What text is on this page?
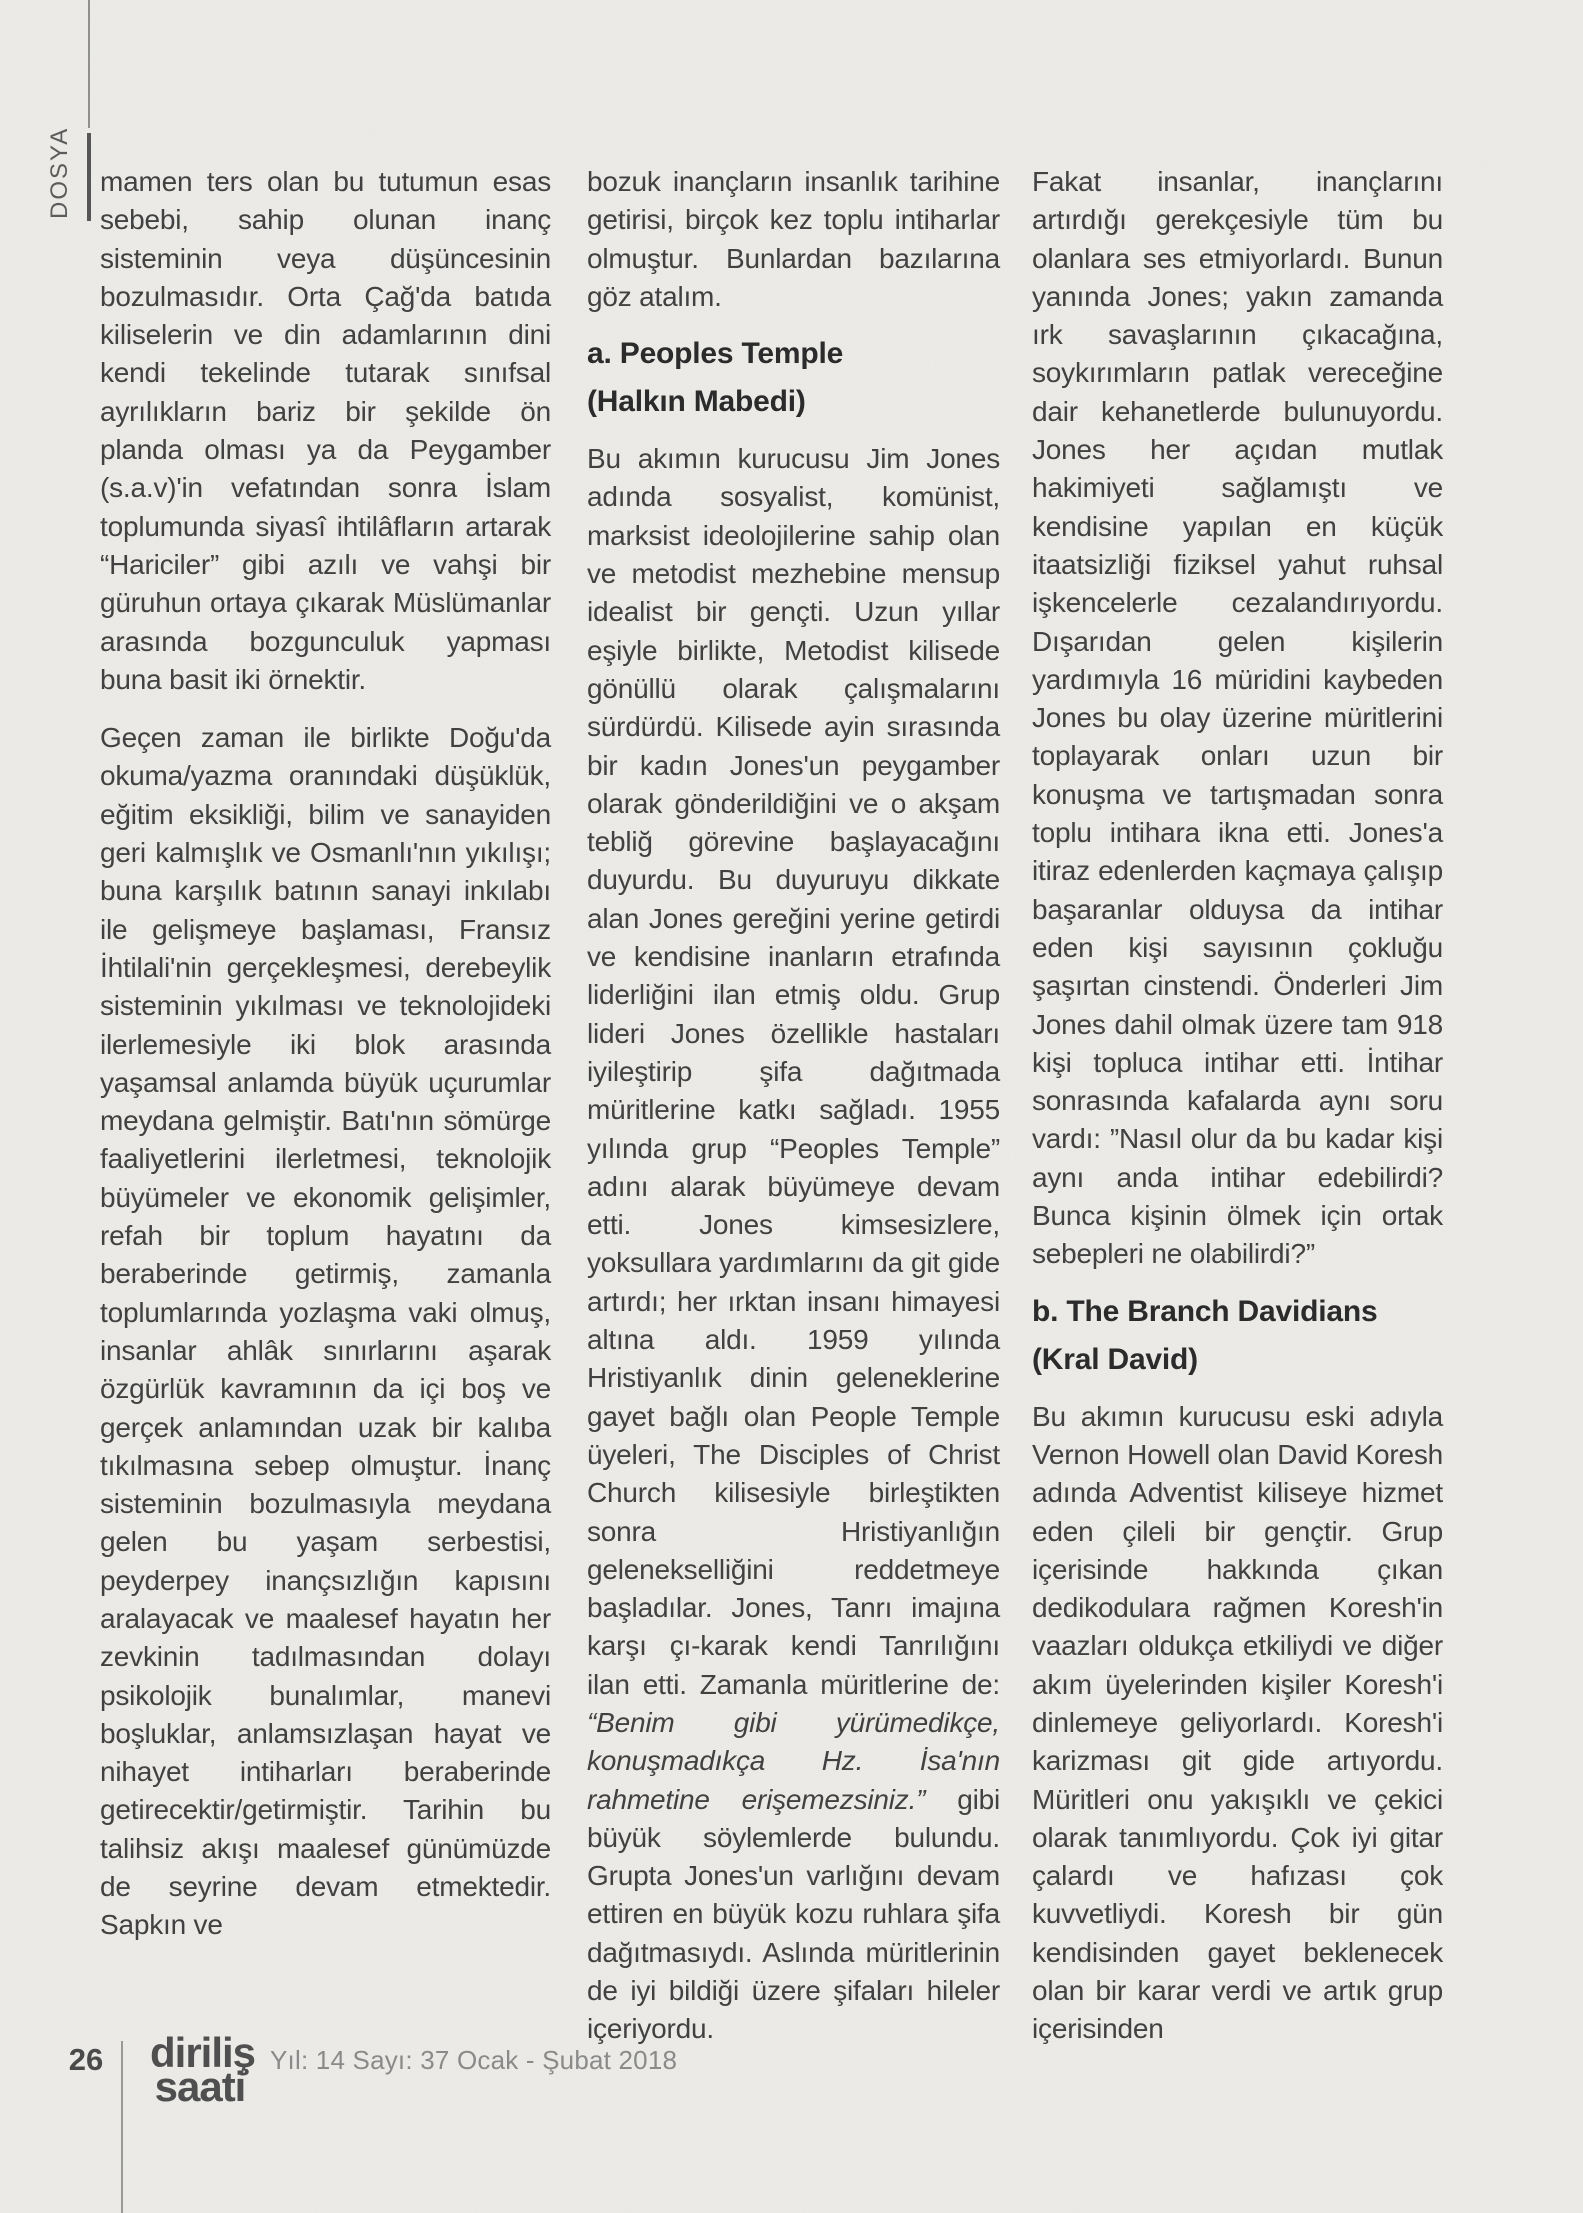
DOSYA mamen ters olan bu tutumun esas sebebi, sahip olunan inanç sisteminin veya düşüncesinin bozulmasıdır. Orta Çağ'da batıda kiliselerin ve din adamlarının dini kendi tekelinde tutarak sınıfsal ayrılıkların bariz bir şekilde ön planda olması ya da Peygamber (s.a.v)'in vefatından sonra İslam toplumunda siyasî ihtilâfların artarak “Hariciler” gibi azılı ve vahşi bir güruhun ortaya çıkarak Müslümanlar arasında bozgunculuk yapması buna basit iki örnektir.

Geçen zaman ile birlikte Doğu'da okuma/yazma oranındaki düşüklük, eğitim eksikliği, bilim ve sanayiden geri kalmışlık ve Osmanlı'nın yıkılışı; buna karşılık batının sanayi inkılabı ile gelişmeye başlaması, Fransız İhtilali'nin gerçekleşmesi, derebeylik sisteminin yıkılması ve teknolojideki ilerlemesiyle iki blok arasında yaşamsal anlamda büyük uçurumlar meydana gelmiştir. Batı'nın sömürge faaliyetlerini ilerletmesi, teknolojik büyümeler ve ekonomik gelişimler, refah bir toplum hayatını da beraberinde getirmiş, zamanla toplumlarında yozlaşma vaki olmuş, insanlar ahlâk sınırlarını aşarak özgürlük kavramının da içi boş ve gerçek anlamından uzak bir kalıba tıkılmasına sebep olmuştur. İnanç sisteminin bozulmasıyla meydana gelen bu yaşam serbestisi, peyderpey inançsızlığın kapısını aralayacak ve maalesef hayatın her zevkinin tadılmasından dolayı psikolojik bunalımlar, manevi boşluklar, anlamsızlaşan hayat ve nihayet intiharları beraberinde getirecektir/getirmiştir. Tarihin bu talihsiz akışı maalesef günümüzde de seyrine devam etmektedir. Sapkın ve

bozuk inançların insanlık tarihine getirisi, birçok kez toplu intiharlar olmuştur. Bunlardan bazılarına göz atalım.

a. Peoples Temple
(Halkın Mabedi)

Bu akımın kurucusu Jim Jones adında sosyalist, komünist, marksist ideolojilerine sahip olan ve metodist mezhebine mensup idealist bir gençti. Uzun yıllar eşiyle birlikte, Metodist kilisede gönüllü olarak çalışmalarını sürdürdü. Kilisede ayin sırasında bir kadın Jones'un peygamber olarak gönderildiğini ve o akşam tebliğ görevine başlayacağını duyurdu. Bu duyuruyu dikkate alan Jones gereğini yerine getirdi ve kendisine inanların etrafında liderliğini ilan etmiş oldu. Grup lideri Jones özellikle hastaları iyileştirip şifa dağıtmada müritlerine katkı sağladı. 1955 yılında grup “Peoples Temple” adını alarak büyümeye devam etti. Jones kimsesizlere, yoksullara yardımlarını da git gide artırdı; her ırktan insanı himayesi altına aldı. 1959 yılında Hristiyanlık dinin geleneklerine gayet bağlı olan People Temple üyeleri, The Disciples of Christ Church kilisesiyle birleştikten sonra Hristiyanlığın gelenekselliğini reddetmeye başladılar. Jones, Tanrı imajına karşı çı-karak kendi Tanrılığını ilan etti. Zamanla müritlerine de: “Benim gibi yürümedikçe, konuşmadıkça Hz. İsa'nın rahmetine erişemezsiniz.” gibi büyük söylemlerde bulundu. Grupta Jones'un varlığını devam ettiren en büyük kozu ruhlara şifa dağıtmasıydı. Aslında müritlerinin de iyi bildiği üzere şifaları hileler içeriyordu.

Fakat insanlar, inançlarını artırdığı gerekçesiyle tüm bu olanlara ses etmiyorlardı. Bunun yanında Jones; yakın zamanda ırk savaşlarının çıkacağına, soykırımların patlak vereceğine dair kehanetlerde bulunuyordu. Jones her açıdan mutlak hakimiyeti sağlamıştı ve kendisine yapılan en küçük itaatsizliği fiziksel yahut ruhsal işkencelerle cezalandırıyordu. Dışarıdan gelen kişilerin yardımıyla 16 müridini kaybeden Jones bu olay üzerine müritlerini toplayarak onları uzun bir konuşma ve tartışmadan sonra toplu intihara ikna etti. Jones'a itiraz edenlerden kaçmaya çalışıp başaranlar olduysa da intihar eden kişi sayısının çokluğu şaşırtan cinstendi. Önderleri Jim Jones dahil olmak üzere tam 918 kişi topluca intihar etti. İntihar sonrasında kafalarda aynı soru vardı: ”Nasıl olur da bu kadar kişi aynı anda intihar edebilirdi? Bunca kişinin ölmek için ortak sebepleri ne olabilirdi?”

b. The Branch Davidians
(Kral David)

Bu akımın kurucusu eski adıyla Vernon Howell olan David Koresh adında Adventist kiliseye hizmet eden çileli bir gençtir. Grup içerisinde hakkında çıkan dedikodulara rağmen Koresh'in vaazları oldukça etkiliydi ve diğer akım üyelerinden kişiler Koresh'i dinlemeye geliyorlardı. Koresh'i karizması git gide artıyordu. Müritleri onu yakışıklı ve çekici olarak tanımlıyordu. Çok iyi gitar çalardı ve hafızası çok kuvvetliydi. Koresh bir gün kendisinden gayet beklenecek olan bir karar verdi ve artık grup içerisinden

26 diriliş
saati
Yıl: 14 Sayı: 37 Ocak - Şubat 2018
